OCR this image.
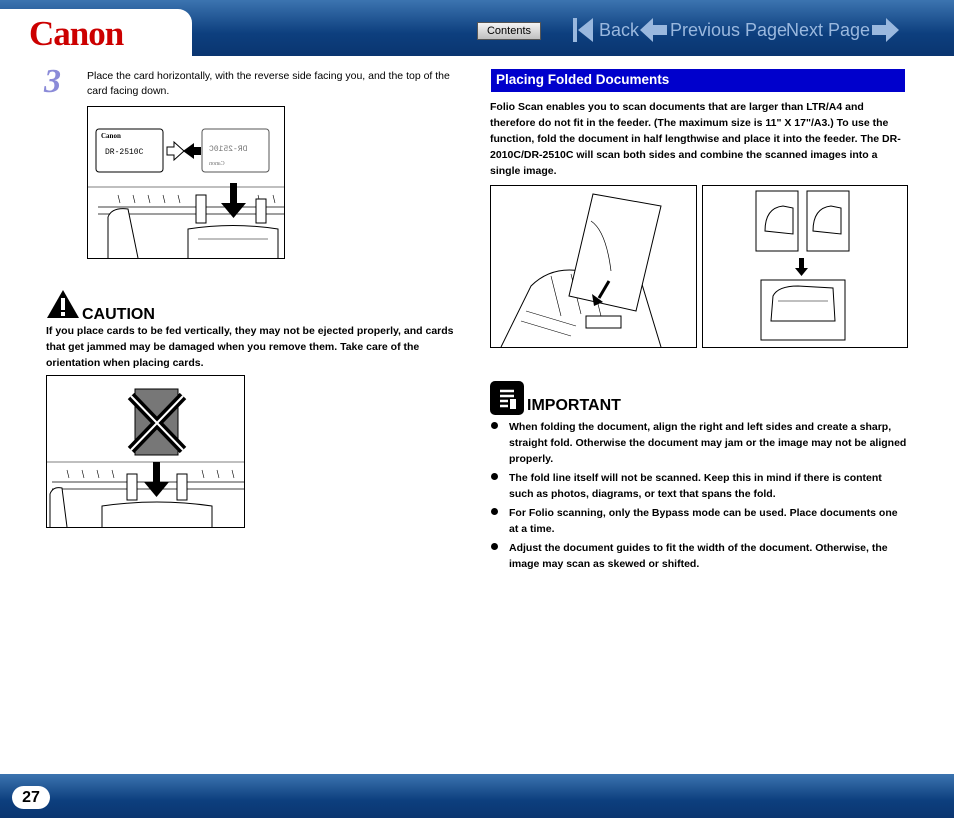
Canon	Contents	Back Previous Page
Next Page
3 Place the card horizontally, with the reverse side facing you, and the top of the card facing down.
Canon
DR-2510C	DR-2510C
Canon
CAUTION
If you place cards to be fed vertically, they may not be ejected properly, and cards that get jammed may be damaged when you remove them. Take care of the orientation when placing cards.
Placing Folded Documents
Folio Scan enables you to scan documents that are larger than LTR/A4 and therefore do not fit in the feeder. (The maximum size is 11" X 17"/A3.) To use the function, fold the document in half lengthwise and place it into the feeder. The DR-2010C/DR-2510C will scan both sides and combine the scanned images into a single image.
IMPORTANT
When folding the document, align the right and left sides and create a sharp, straight fold. Otherwise the document may jam or the image may not be aligned properly.
The fold line itself will not be scanned. Keep this in mind if there is content such as photos, diagrams, or text that spans the fold.
For Folio scanning, only the Bypass mode can be used. Place documents one at a time.
Adjust the document guides to fit the width of the document. Otherwise, the image may scan as skewed or shifted.
27
